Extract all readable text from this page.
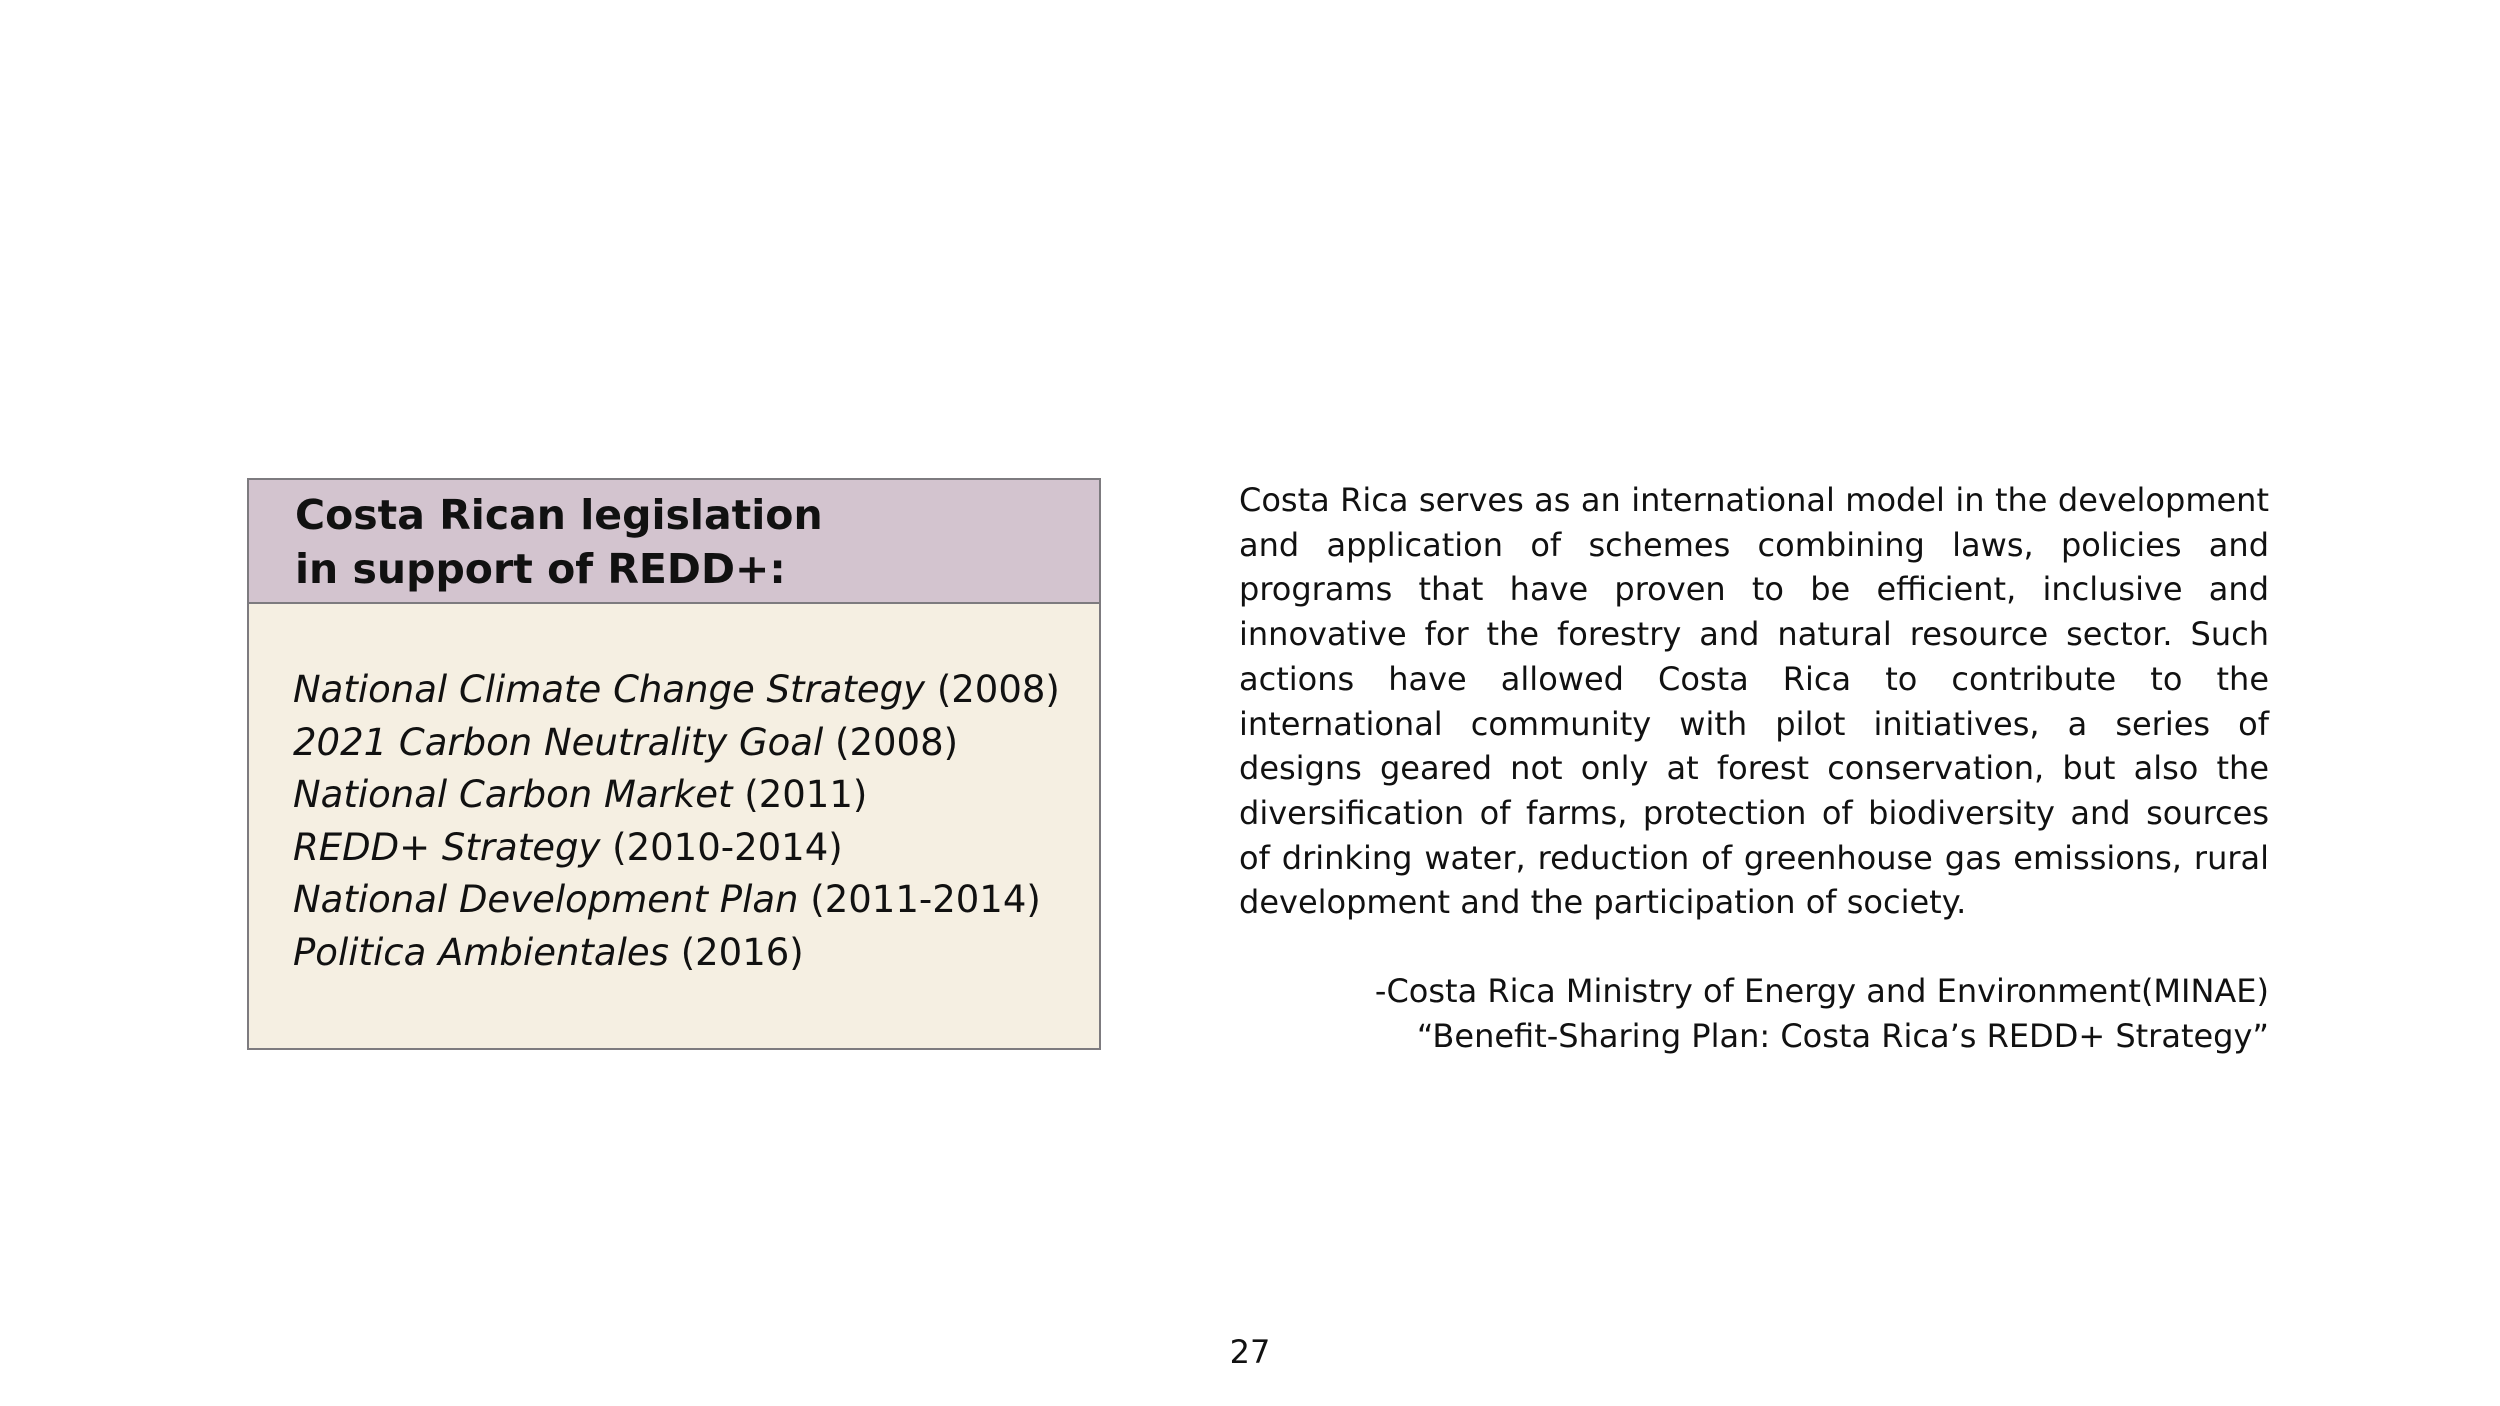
Costa Rican legislation
in support of REDD+:
National Climate Change Strategy (2008)
2021 Carbon Neutrality Goal (2008)
National Carbon Market (2011)
REDD+ Strategy (2010-2014)
National Development Plan (2011-2014)
Politica Ambientales (2016)

Costa Rica serves as an international model in the development and application of schemes combining laws, policies and programs that have proven to be efficient, inclusive and innovative for the forestry and natural resource sector. Such actions have allowed Costa Rica to contribute to the international community with pilot initiatives, a series of designs geared not only at forest conservation, but also the diversification of farms, protection of biodiversity and sources of drinking water, reduction of greenhouse gas emissions, rural development and the participation of society.

-Costa Rica Ministry of Energy and Environment(MINAE)
“Benefit-Sharing Plan: Costa Rica’s REDD+ Strategy”

27
